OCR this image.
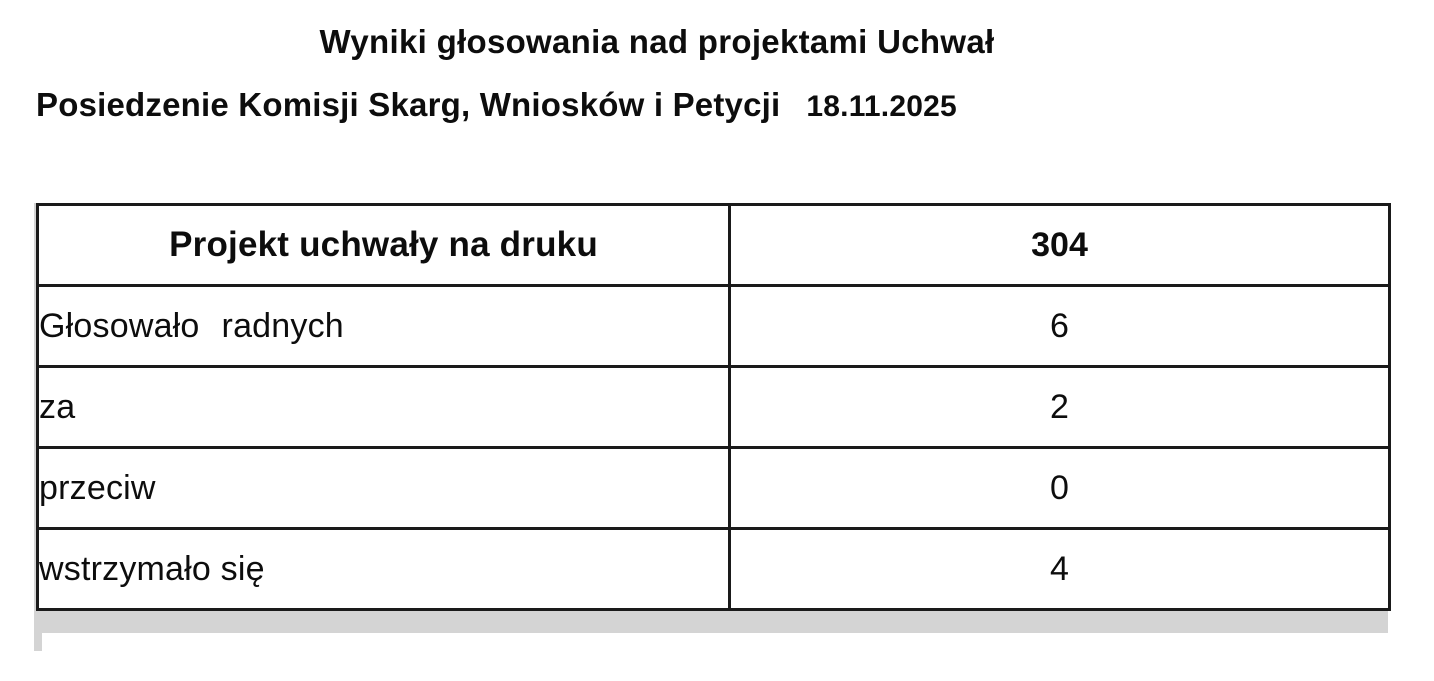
Wyniki głosowania nad projektami Uchwał
Posiedzenie Komisji Skarg, Wniosków i Petycji 18.11.2025
Projekt uchwały na druku	304
Głosowało radnych	6
za	2
przeciw	0
wstrzymało się	4
